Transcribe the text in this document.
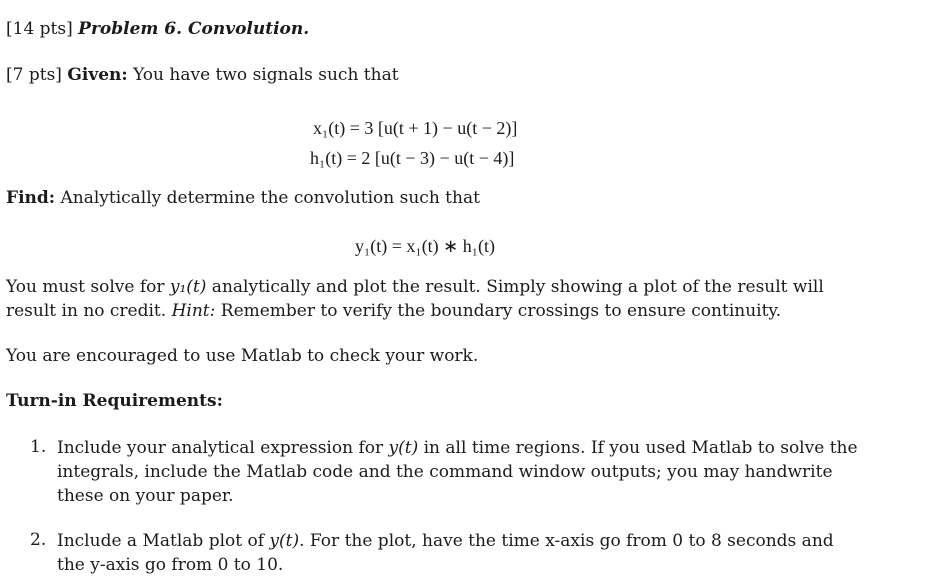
[14 pts] Problem 6. Convolution.
[7 pts] Given: You have two signals such that
x₁(t) = 3 [u(t + 1) − u(t − 2)]
h₁(t) = 2 [u(t − 3) − u(t − 4)]
Find: Analytically determine the convolution such that
y₁(t) = x₁(t) ∗ h₁(t)
You must solve for y₁(t) analytically and plot the result. Simply showing a plot of the result will
result in no credit. Hint: Remember to verify the boundary crossings to ensure continuity.
You are encouraged to use Matlab to check your work.
Turn-in Requirements:
1. Include your analytical expression for y(t) in all time regions. If you used Matlab to solve the
integrals, include the Matlab code and the command window outputs; you may handwrite
these on your paper.
2. Include a Matlab plot of y(t). For the plot, have the time x-axis go from 0 to 8 seconds and
the y-axis go from 0 to 10.
